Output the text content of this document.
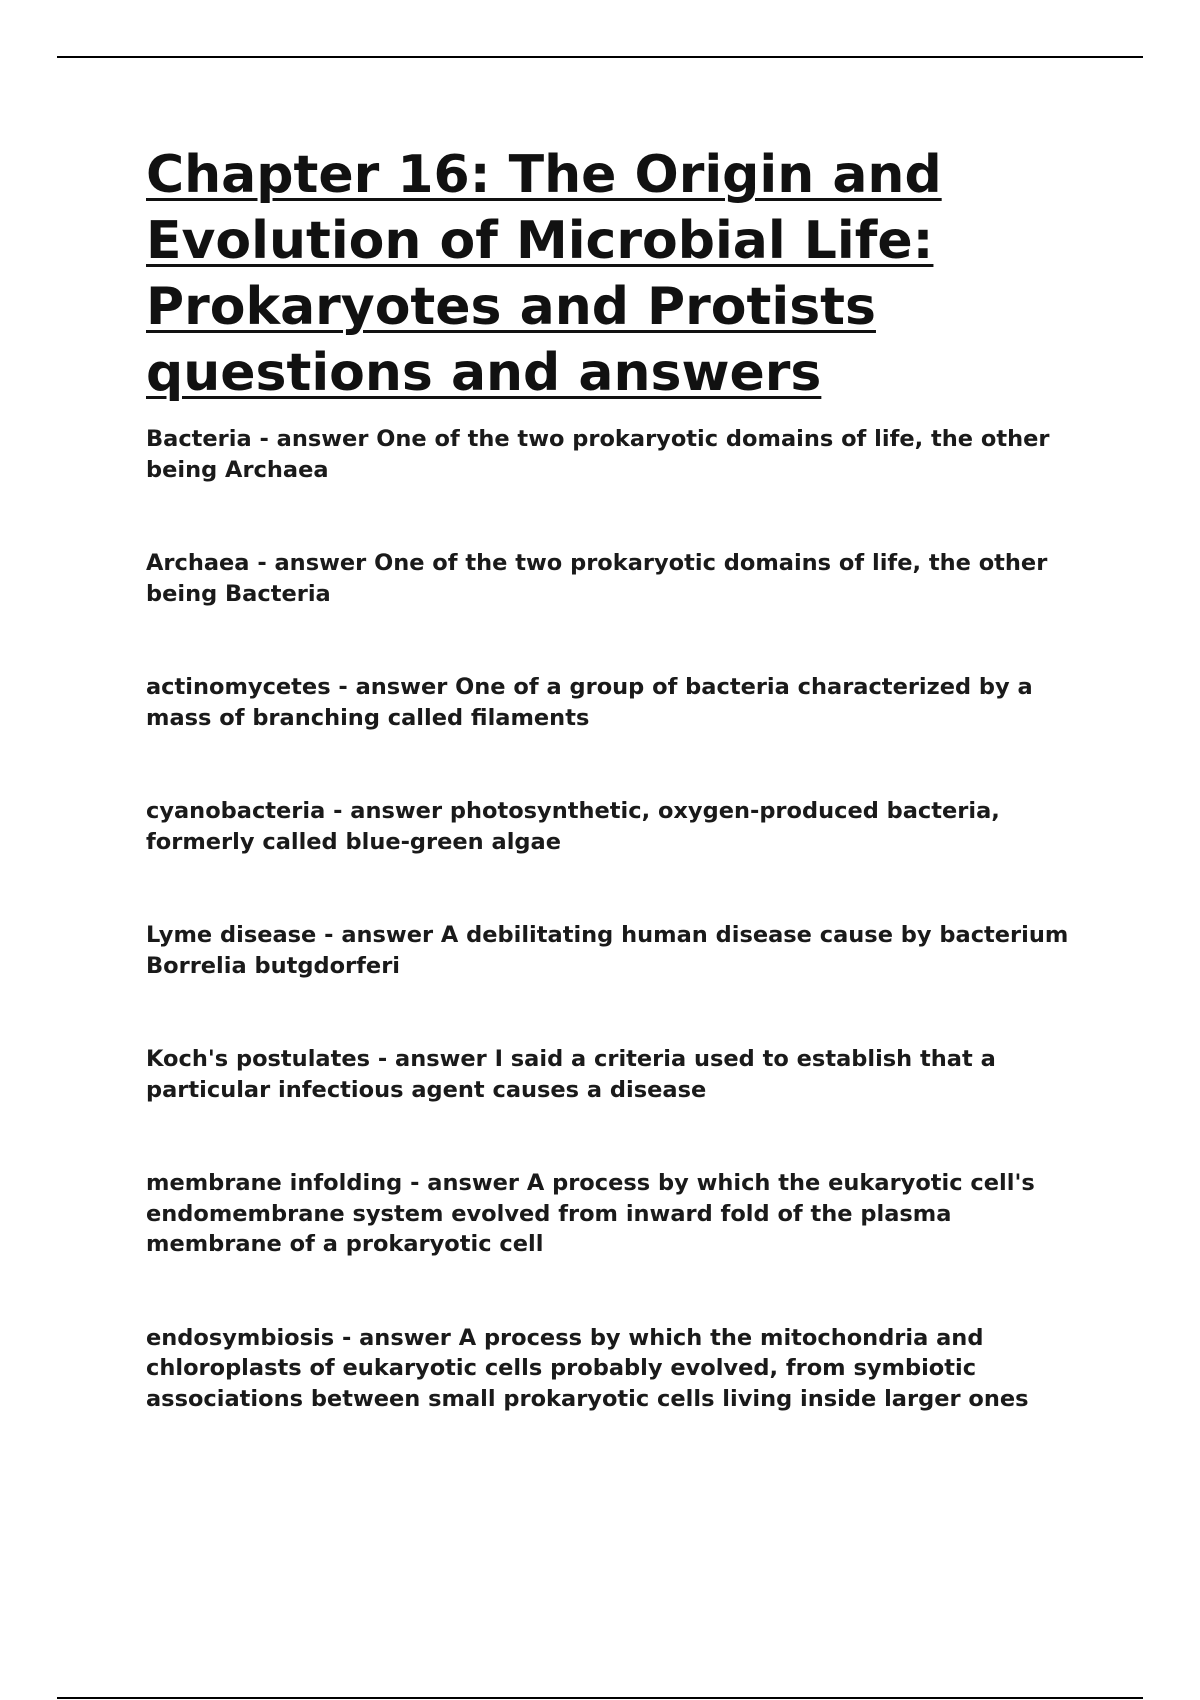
Chapter 16: The Origin and
Evolution of Microbial Life:
Prokaryotes and Protists
questions and answers
Bacteria - answer One of the two prokaryotic domains of life, the other being Archaea
Archaea - answer One of the two prokaryotic domains of life, the other being Bacteria
actinomycetes - answer One of a group of bacteria characterized by a mass of branching called filaments
cyanobacteria - answer photosynthetic, oxygen-produced bacteria, formerly called blue-green algae
Lyme disease - answer A debilitating human disease cause by bacterium Borrelia butgdorferi
Koch's postulates - answer I said a criteria used to establish that a particular infectious agent causes a disease
membrane infolding - answer A process by which the eukaryotic cell's endomembrane system evolved from inward fold of the plasma membrane of a prokaryotic cell
endosymbiosis - answer A process by which the mitochondria and chloroplasts of eukaryotic cells probably evolved, from symbiotic associations between small prokaryotic cells living inside larger ones
